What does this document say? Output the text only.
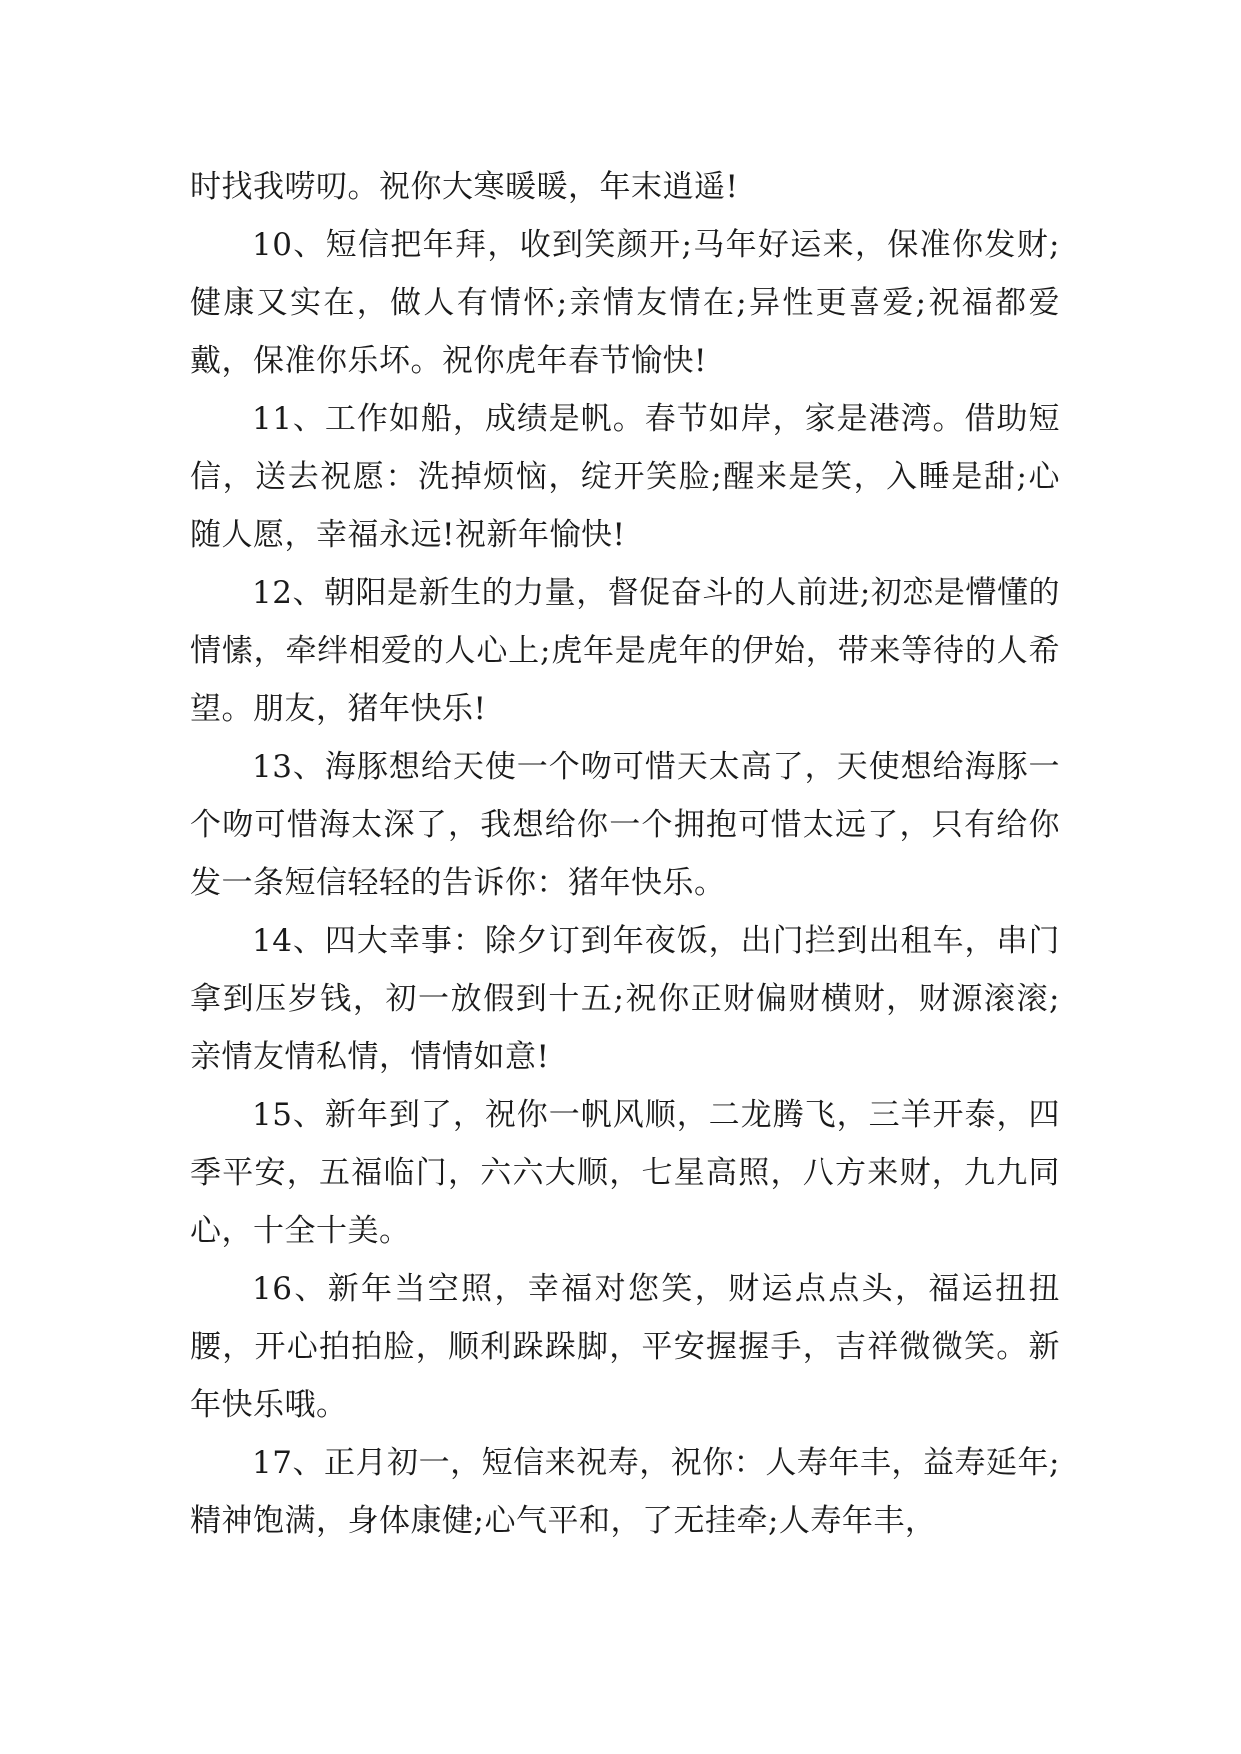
时找我唠叨。祝你大寒暖暖，年末逍遥!

10、短信把年拜，收到笑颜开;马年好运来，保准你发财;健康又实在，做人有情怀;亲情友情在;异性更喜爱;祝福都爱戴，保准你乐坏。祝你虎年春节愉快!

11、工作如船，成绩是帆。春节如岸，家是港湾。借助短信，送去祝愿：洗掉烦恼，绽开笑脸;醒来是笑，入睡是甜;心随人愿，幸福永远!祝新年愉快!

12、朝阳是新生的力量，督促奋斗的人前进;初恋是懵懂的情愫，牵绊相爱的人心上;虎年是虎年的伊始，带来等待的人希望。朋友，猪年快乐!

13、海豚想给天使一个吻可惜天太高了，天使想给海豚一个吻可惜海太深了，我想给你一个拥抱可惜太远了，只有给你发一条短信轻轻的告诉你：猪年快乐。

14、四大幸事：除夕订到年夜饭，出门拦到出租车，串门拿到压岁钱，初一放假到十五;祝你正财偏财横财，财源滚滚;亲情友情私情，情情如意!

15、新年到了，祝你一帆风顺，二龙腾飞，三羊开泰，四季平安，五福临门，六六大顺，七星高照，八方来财，九九同心，十全十美。

16、新年当空照，幸福对您笑，财运点点头，福运扭扭腰，开心拍拍脸，顺利跺跺脚，平安握握手，吉祥微微笑。新年快乐哦。

17、正月初一，短信来祝寿，祝你：人寿年丰，益寿延年;精神饱满，身体康健;心气平和，了无挂牵;人寿年丰，
